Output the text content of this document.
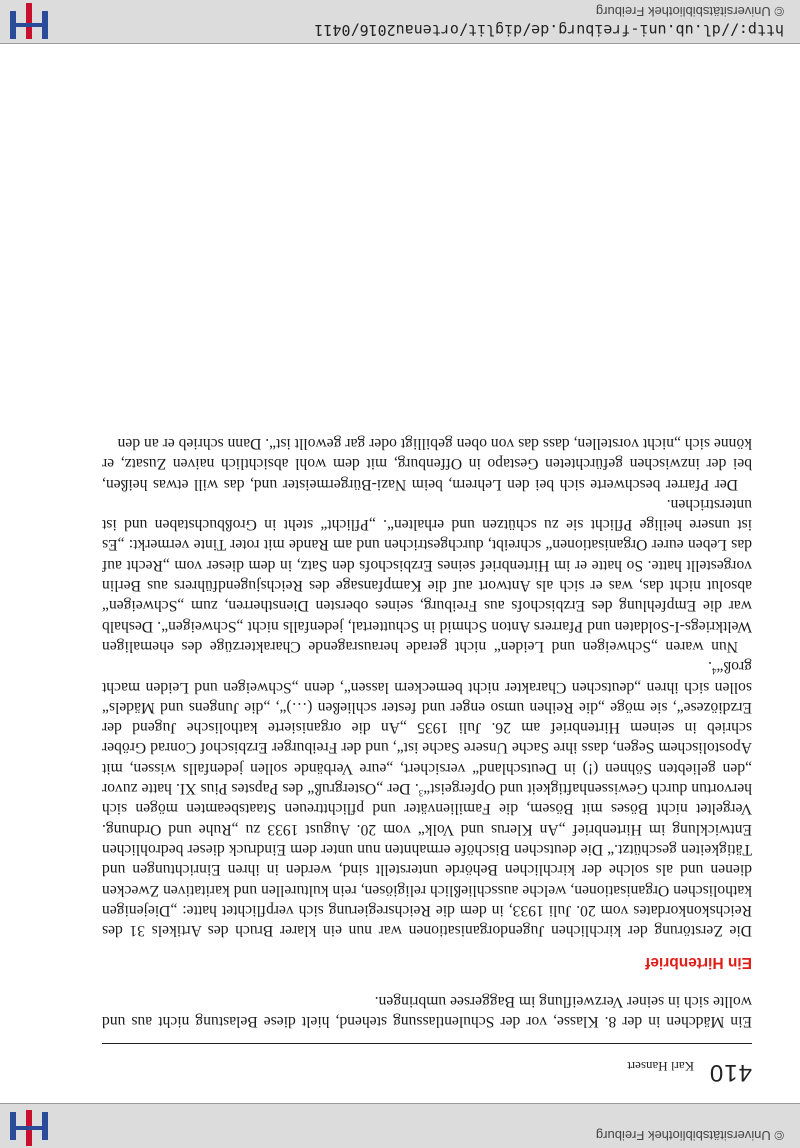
© Universitätsbibliothek Freiburg
410
Karl Hansert

Ein Mädchen in der 8. Klasse, vor der Schulentlassung stehend, hielt diese Belastung nicht aus und wollte sich in seiner Verzweiflung im Baggersee umbringen.

Ein Hirtenbrief

Die Zerstörung der kirchlichen Jugendorganisationen war nun ein klarer Bruch des Artikels 31 des Reichskonkordates vom 20. Juli 1933, in dem die Reichsregierung sich verpflichtet hatte: „Diejenigen katholischen Organisationen, welche ausschließlich religiösen, rein kulturellen und karitativen Zwecken dienen und als solche der kirchlichen Behörde unterstellt sind, werden in ihren Einrichtungen und Tätigkeiten geschützt.“ Die deutschen Bischöfe ermahnten nun unter dem Eindruck dieser bedrohlichen Entwicklung im Hirtenbrief „An Klerus und Volk“ vom 20. August 1933 zu „Ruhe und Ordnung. Vergeltet nicht Böses mit Bösem, die Familienväter und pflichttreuen Staatsbeamten mögen sich hervortun durch Gewissenhaftigkeit und Opfergeist“$^3$. Der „Ostergruß“ des Papstes Pius XI. hatte zuvor „den geliebten Söhnen (!) in Deutschland“ versichert, „eure Verbände sollen jedenfalls wissen, mit Apostolischem Segen, dass ihre Sache Unsere Sache ist“, und der Freiburger Erzbischof Conrad Gröber schrieb in seinem Hirtenbrief am 26. Juli 1935 „An die organisierte katholische Jugend der Erzdiözese“, sie möge „die Reihen umso enger und fester schließen (…)“, „die Jungens und Mädels“ sollen sich ihren „deutschen Charakter nicht bemeckern lassen“, denn „Schweigen und Leiden macht groß“$^4$.

Nun waren „Schweigen und Leiden“ nicht gerade herausragende Charakterzüge des ehemaligen Weltkriegs-I-Soldaten und Pfarrers Anton Schmid in Schuttertal, jedenfalls nicht „Schweigen“. Deshalb war die Empfehlung des Erzbischofs aus Freiburg, seines obersten Dienstherren, zum „Schweigen“ absolut nicht das, was er sich als Antwort auf die Kampfansage des Reichsjugendführers aus Berlin vorgestellt hatte. So hatte er im Hirtenbrief seines Erzbischofs den Satz, in dem dieser vom „Recht auf das Leben eurer Organisationen“ schreibt, durchgestrichen und am Rande mit roter Tinte vermerkt: „Es ist unsere heilige Pflicht sie zu schützen und erhalten“. „Pflicht“ steht in Großbuchstaben und ist unterstrichen.

Der Pfarrer beschwerte sich bei den Lehrern, beim Nazi-Bürgermeister und, das will etwas heißen, bei der inzwischen gefürchteten Gestapo in Offenburg, mit dem wohl absichtlich naiven Zusatz, er könne sich „nicht vorstellen, dass das von oben gebilligt oder gar gewollt ist“. Dann schrieb er an den

http://dl.ub.uni-freiburg.de/diglit/ortenau2016/0411
© Universitätsbibliothek Freiburg
